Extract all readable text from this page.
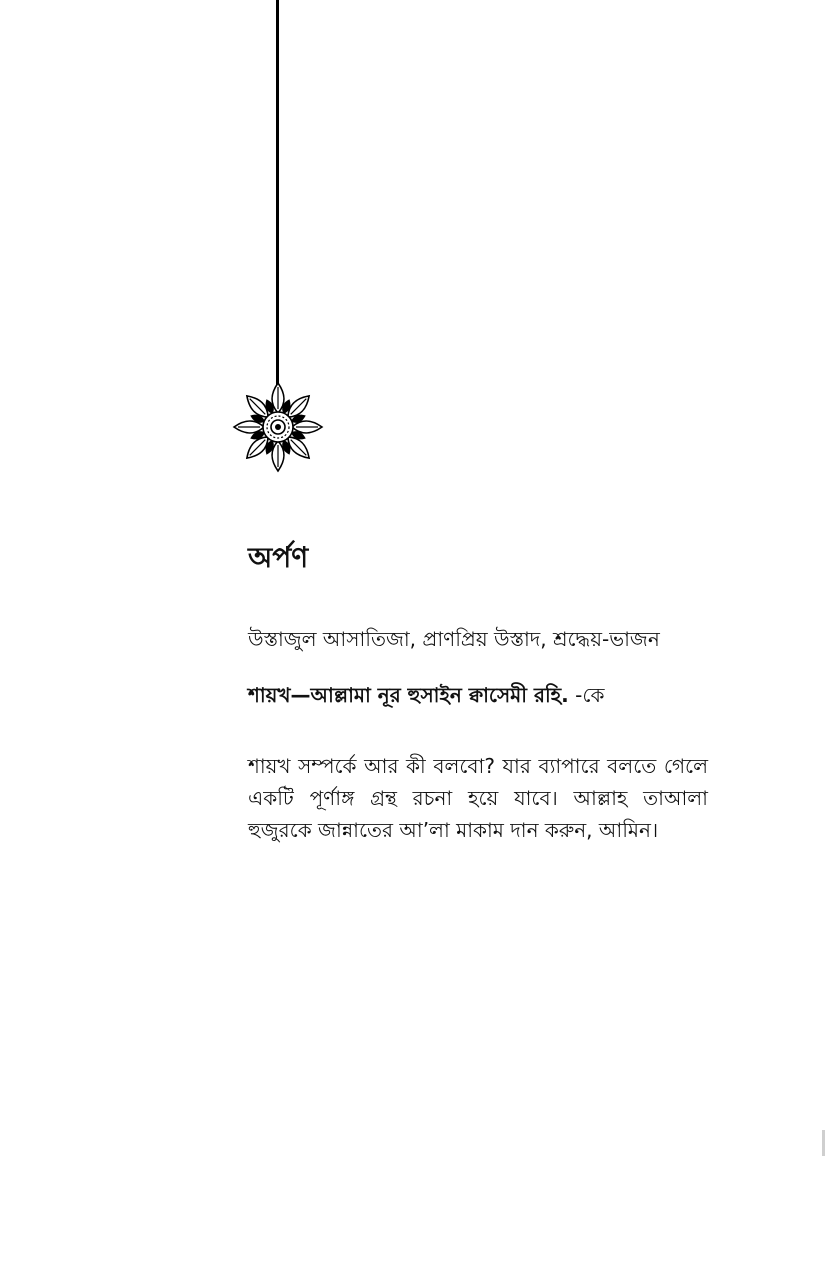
অর্পণ
উস্তাজুল আসাতিজা, প্রাণপ্রিয় উস্তাদ, শ্রদ্ধেয়-ভাজন
শায়খ—আল্লামা নূর হুসাইন ক্বাসেমী রহি. -কে

শায়খ সম্পর্কে আর কী বলবো? যার ব্যাপারে বলতে গেলে একটি পূর্ণাঙ্গ গ্রন্থ রচনা হয়ে যাবে। আল্লাহ তাআলা হুজুরকে জান্নাতের আ’লা মাকাম দান করুন, আমিন।
